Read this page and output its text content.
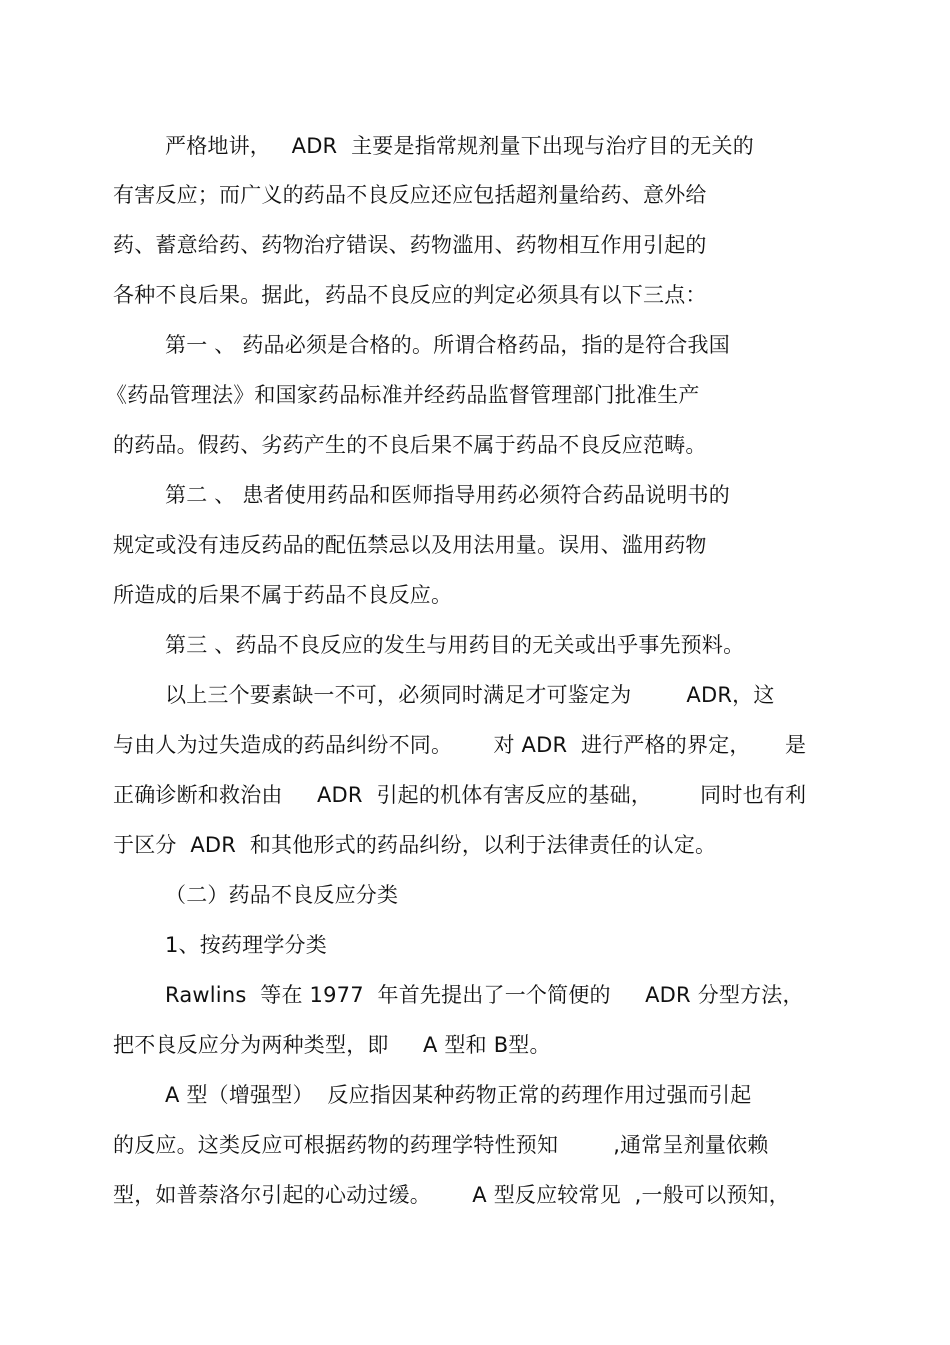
严格地讲，   ADR  主要是指常规剂量下出现与治疗目的无关的
有害反应；而广义的药品不良反应还应包括超剂量给药、意外给
药、蓄意给药、药物治疗错误、药物滥用、药物相互作用引起的
各种不良后果。据此，药品不良反应的判定必须具有以下三点：
第一 、 药品必须是合格的。所谓合格药品，指的是符合我国
《药品管理法》和国家药品标准并经药品监督管理部门批准生产
的药品。假药、劣药产生的不良后果不属于药品不良反应范畴。
第二 、 患者使用药品和医师指导用药必须符合药品说明书的
规定或没有违反药品的配伍禁忌以及用法用量。误用、滥用药物
所造成的后果不属于药品不良反应。
第三 、药品不良反应的发生与用药目的无关或出乎事先预料。
以上三个要素缺一不可，必须同时满足才可鉴定为        ADR，这
与由人为过失造成的药品纠纷不同。      对 ADR  进行严格的界定，     是
正确诊断和救治由     ADR  引起的机体有害反应的基础，       同时也有利
于区分  ADR  和其他形式的药品纠纷，以利于法律责任的认定。
（二）药品不良反应分类
1、按药理学分类
Rawlins  等在 1977  年首先提出了一个简便的     ADR 分型方法，
把不良反应分为两种类型，即     A 型和 B型。
A 型（增强型）  反应指因某种药物正常的药理作用过强而引起
的反应。这类反应可根据药物的药理学特性预知        ,通常呈剂量依赖
型，如普萘洛尔引起的心动过缓。      A 型反应较常见  ,一般可以预知，
